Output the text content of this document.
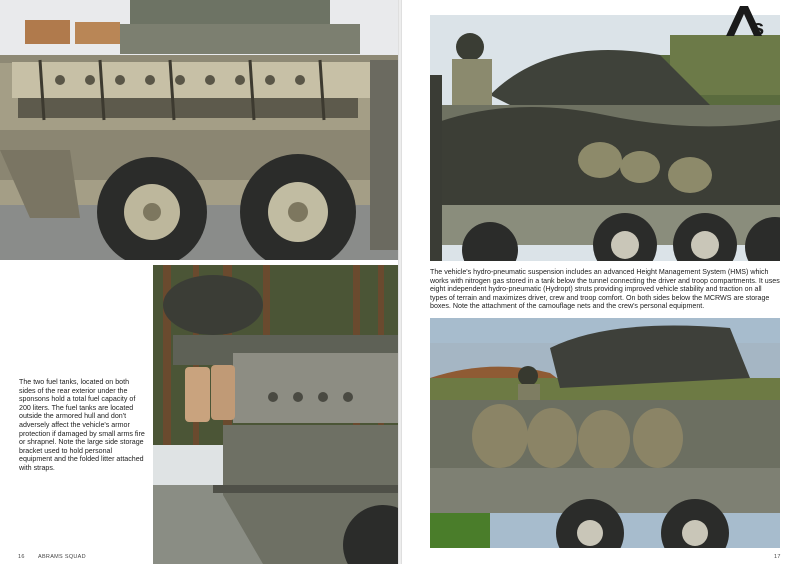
The two fuel tanks, located on both sides of the rear exterior under the sponsons hold a total fuel capacity of 200 liters. The fuel tanks are located outside the armored hull and don't adversely affect the vehicle's armor protection if damaged by small arms fire or shrapnel. Note the large side storage bracket used to hold personal equipment and the folded litter attached with straps.

16 ABRAMS SQUAD

The vehicle's hydro-pneumatic suspension includes an advanced Height Management System (HMS) which works with nitrogen gas stored in a tank below the tunnel connecting the driver and troop compartments. It uses eight independent hydro-pneumatic (Hydropt) struts providing improved vehicle stability and traction on all types of terrain and maximizes driver, crew and troop comfort. On both sides below the MCRWS are storage boxes. Note the attachment of the camouflage nets and the crew's personal equipment.

17
s
